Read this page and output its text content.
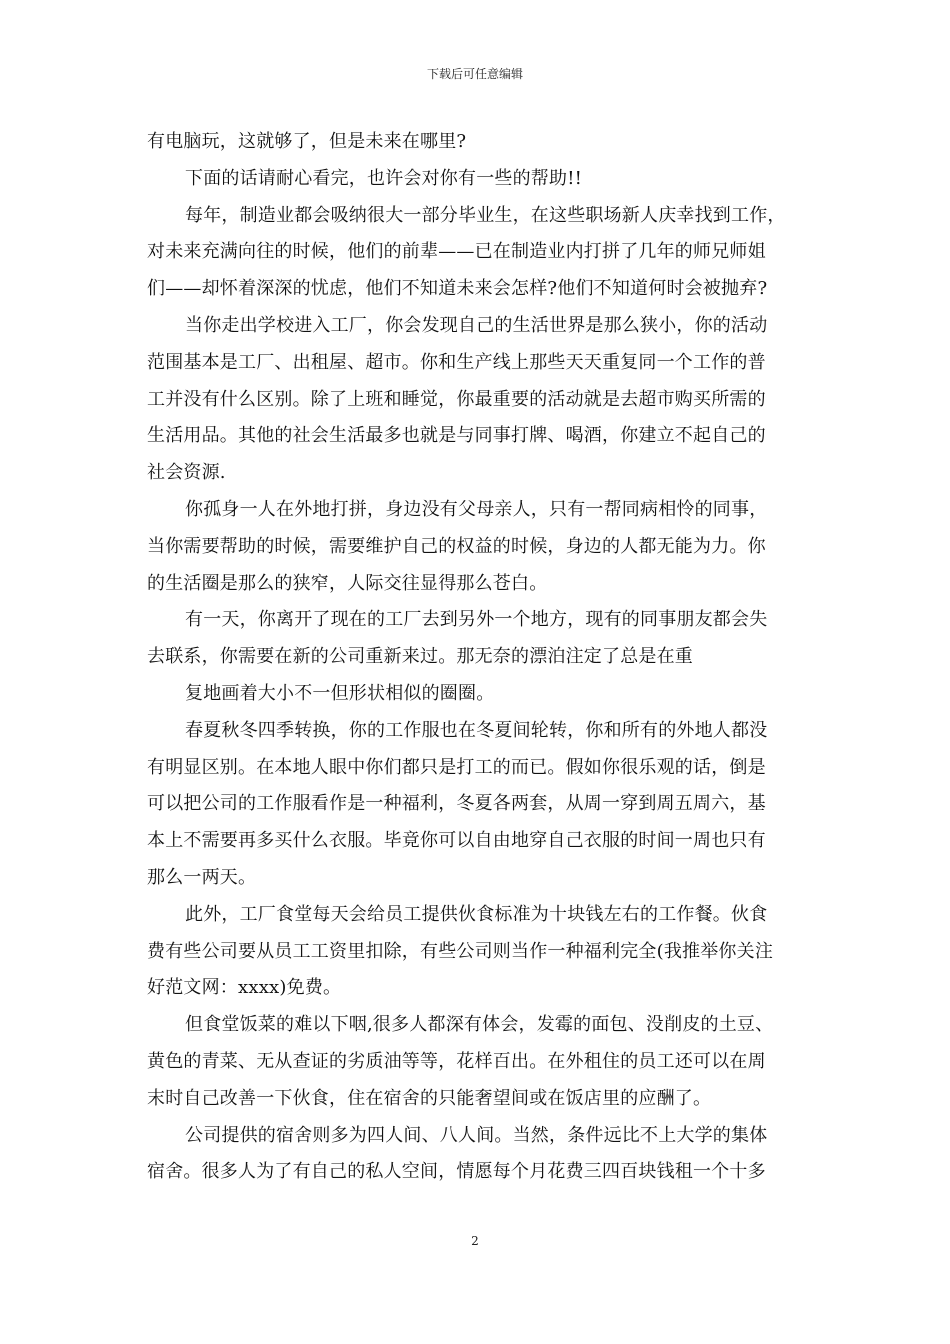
下载后可任意编辑
有电脑玩，这就够了，但是未来在哪里?
下面的话请耐心看完，也许会对你有一些的帮助!!
每年，制造业都会吸纳很大一部分毕业生，在这些职场新人庆幸找到工作，
对未来充满向往的时候，他们的前辈——已在制造业内打拼了几年的师兄师姐
们——却怀着深深的忧虑，他们不知道未来会怎样?他们不知道何时会被抛弃?
当你走出学校进入工厂，你会发现自己的生活世界是那么狭小，你的活动
范围基本是工厂、出租屋、超市。你和生产线上那些天天重复同一个工作的普
工并没有什么区别。除了上班和睡觉，你最重要的活动就是去超市购买所需的
生活用品。其他的社会生活最多也就是与同事打牌、喝酒，你建立不起自己的
社会资源.
你孤身一人在外地打拼，身边没有父母亲人，只有一帮同病相怜的同事，
当你需要帮助的时候，需要维护自己的权益的时候，身边的人都无能为力。你
的生活圈是那么的狭窄，人际交往显得那么苍白。
有一天，你离开了现在的工厂去到另外一个地方，现有的同事朋友都会失
去联系，你需要在新的公司重新来过。那无奈的漂泊注定了总是在重
复地画着大小不一但形状相似的圈圈。
春夏秋冬四季转换，你的工作服也在冬夏间轮转，你和所有的外地人都没
有明显区别。在本地人眼中你们都只是打工的而已。假如你很乐观的话，倒是
可以把公司的工作服看作是一种福利，冬夏各两套，从周一穿到周五周六，基
本上不需要再多买什么衣服。毕竟你可以自由地穿自己衣服的时间一周也只有
那么一两天。
此外，工厂食堂每天会给员工提供伙食标准为十块钱左右的工作餐。伙食
费有些公司要从员工工资里扣除，有些公司则当作一种福利完全(我推举你关注
好范文网：xxxx)免费。
但食堂饭菜的难以下咽,很多人都深有体会，发霉的面包、没削皮的土豆、
黄色的青菜、无从查证的劣质油等等，花样百出。在外租住的员工还可以在周
末时自己改善一下伙食，住在宿舍的只能奢望间或在饭店里的应酬了。
公司提供的宿舍则多为四人间、八人间。当然，条件远比不上大学的集体
宿舍。很多人为了有自己的私人空间，情愿每个月花费三四百块钱租一个十多
2
